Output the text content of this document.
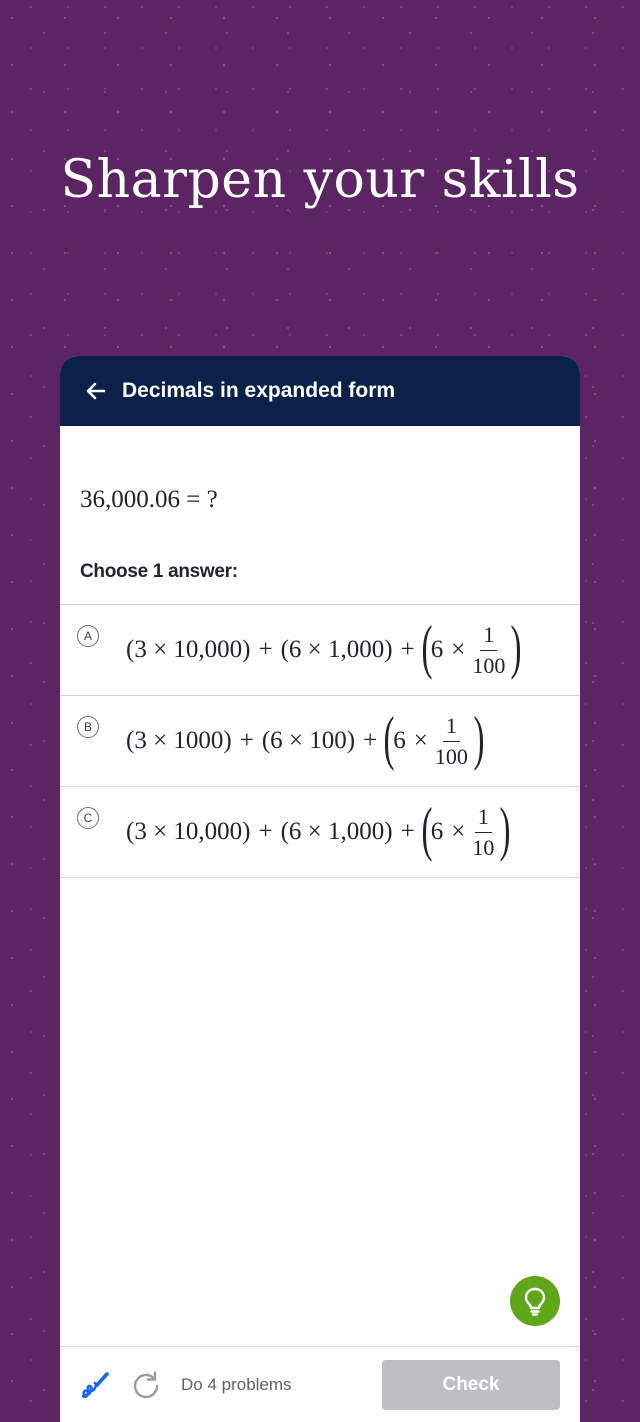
Sharpen your skills
Decimals in expanded form
36,000.06 = ?
Choose 1 answer:
A (3 × 10,000) + (6 × 1,000) + (
$6 \times \frac{1}{100}$ )
B (3 × 1000) + (6 × 100) + (
$6 \times \frac{1}{100}$ )
C (3 × 10,000) + (6 × 1,000) + (
$6 \times \frac{1}{10}$ )
Do 4 problems	Check
